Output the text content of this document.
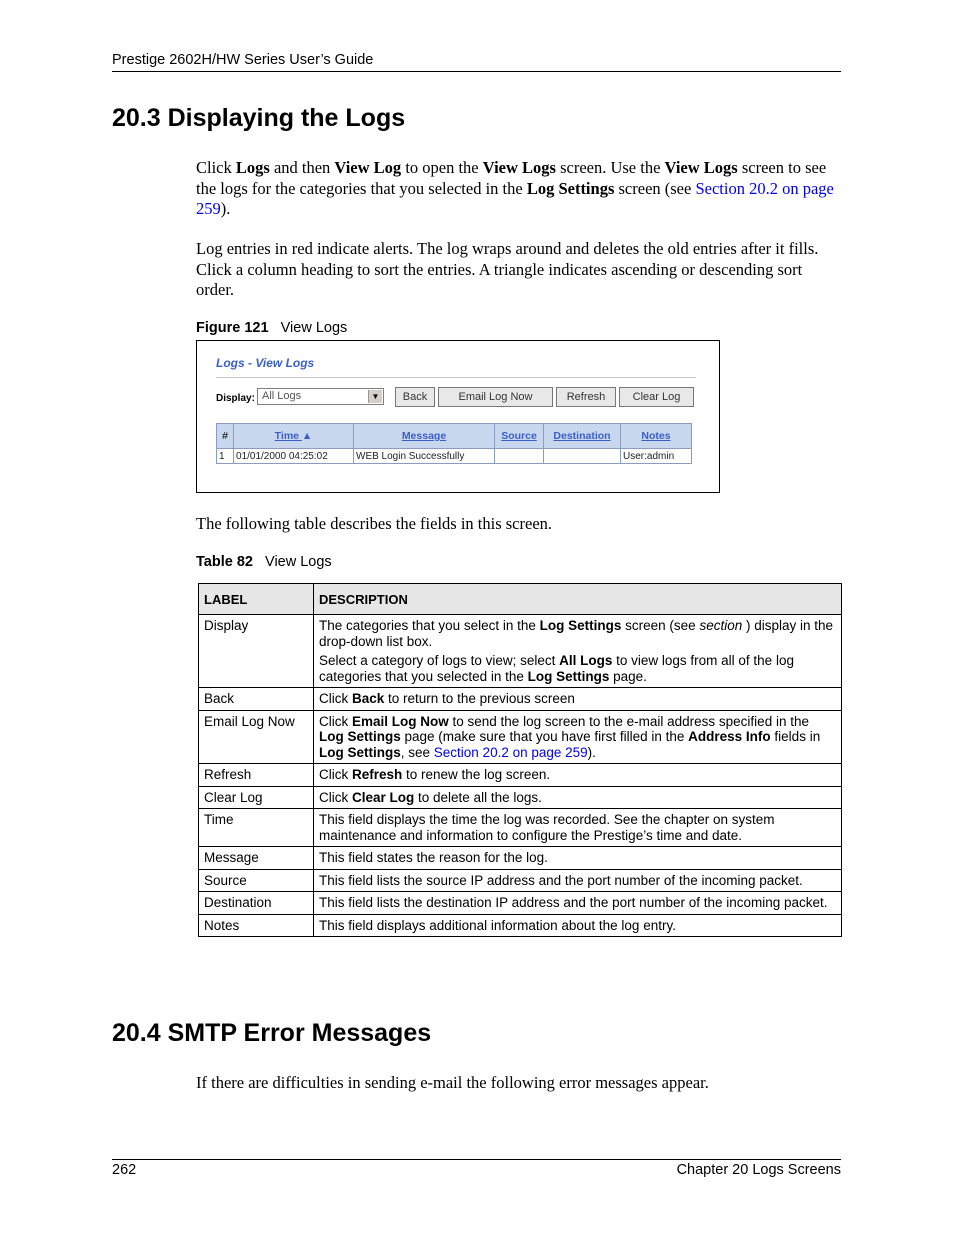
Prestige 2602H/HW Series User’s Guide
20.3 Displaying the Logs
Click Logs and then View Log to open the View Logs screen. Use the View Logs screen to see the logs for the categories that you selected in the Log Settings screen (see Section 20.2 on page 259).
Log entries in red indicate alerts. The log wraps around and deletes the old entries after it fills. Click a column heading to sort the entries. A triangle indicates ascending or descending sort order.
Figure 121 View Logs
Logs - View Logs
Display: All Logs	▼	Back	Email Log Now	Refresh	Clear Log
#	Time ▲	Message	Source	Destination	Notes
1	01/01/2000 04:25:02	WEB Login Successfully			User:admin
The following table describes the fields in this screen.
Table 82 View Logs
LABEL	DESCRIPTION
Display	The categories that you select in the Log Settings screen (see section ) display in the drop-down list box.

Select a category of logs to view; select All Logs to view logs from all of the log categories that you selected in the Log Settings page.

Back	Click Back to return to the previous screen
Email Log Now	Click Email Log Now to send the log screen to the e-mail address specified in the Log Settings page (make sure that you have first filled in the Address Info fields in Log Settings, see Section 20.2 on page 259).
Refresh	Click Refresh to renew the log screen.
Clear Log	Click Clear Log to delete all the logs.
Time	This field displays the time the log was recorded. See the chapter on system maintenance and information to configure the Prestige’s time and date.
Message	This field states the reason for the log.
Source	This field lists the source IP address and the port number of the incoming packet.
Destination	This field lists the destination IP address and the port number of the incoming packet.
Notes	This field displays additional information about the log entry.
20.4 SMTP Error Messages
If there are difficulties in sending e-mail the following error messages appear.
262	Chapter 20 Logs Screens
